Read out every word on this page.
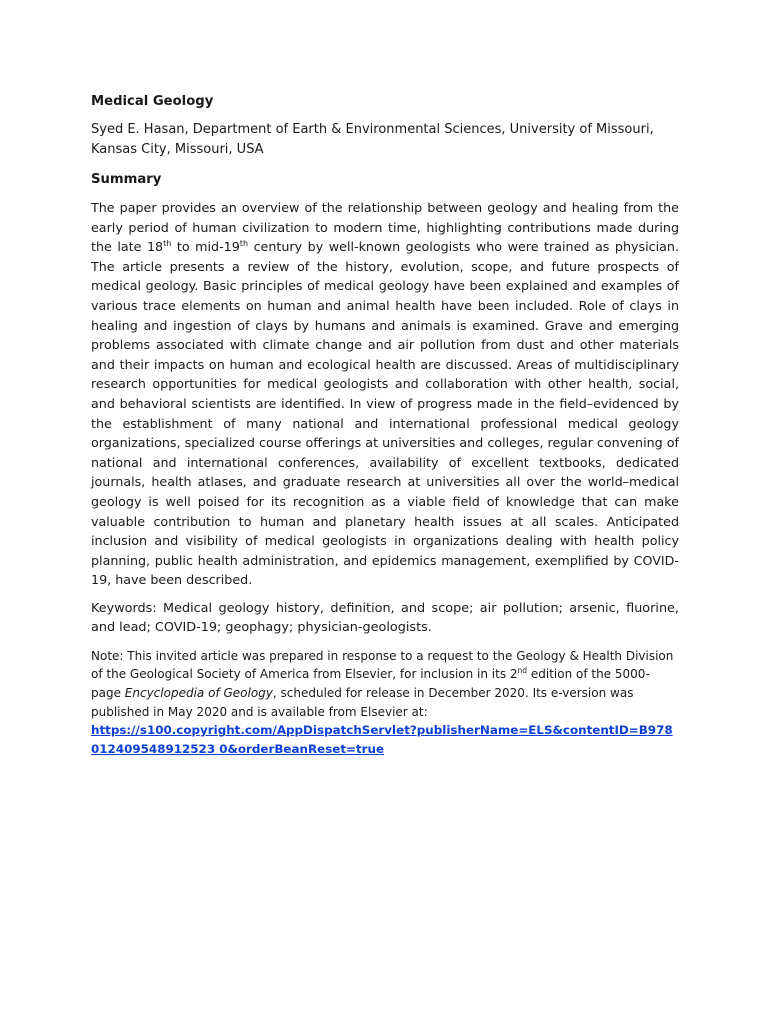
Medical Geology

Syed E. Hasan, Department of Earth & Environmental Sciences, University of Missouri, Kansas City, Missouri, USA

Summary

The paper provides an overview of the relationship between geology and healing from the early period of human civilization to modern time, highlighting contributions made during the late 18th to mid-19th century by well-known geologists who were trained as physician. The article presents a review of the history, evolution, scope, and future prospects of medical geology. Basic principles of medical geology have been explained and examples of various trace elements on human and animal health have been included. Role of clays in healing and ingestion of clays by humans and animals is examined. Grave and emerging problems associated with climate change and air pollution from dust and other materials and their impacts on human and ecological health are discussed. Areas of multidisciplinary research opportunities for medical geologists and collaboration with other health, social, and behavioral scientists are identified. In view of progress made in the field–evidenced by the establishment of many national and international professional medical geology organizations, specialized course offerings at universities and colleges, regular convening of national and international conferences, availability of excellent textbooks, dedicated journals, health atlases, and graduate research at universities all over the world–medical geology is well poised for its recognition as a viable field of knowledge that can make valuable contribution to human and planetary health issues at all scales. Anticipated inclusion and visibility of medical geologists in organizations dealing with health policy planning, public health administration, and epidemics management, exemplified by COVID-19, have been described.

Keywords: Medical geology history, definition, and scope; air pollution; arsenic, fluorine, and lead; COVID-19; geophagy; physician-geologists.

Note: This invited article was prepared in response to a request to the Geology & Health Division of the Geological Society of America from Elsevier, for inclusion in its 2nd edition of the 5000-page Encyclopedia of Geology, scheduled for release in December 2020. Its e-version was published in May 2020 and is available from Elsevier at:
https://s100.copyright.com/AppDispatchServlet?publisherName=ELS&contentID=B978012409548912523 0&orderBeanReset=true
